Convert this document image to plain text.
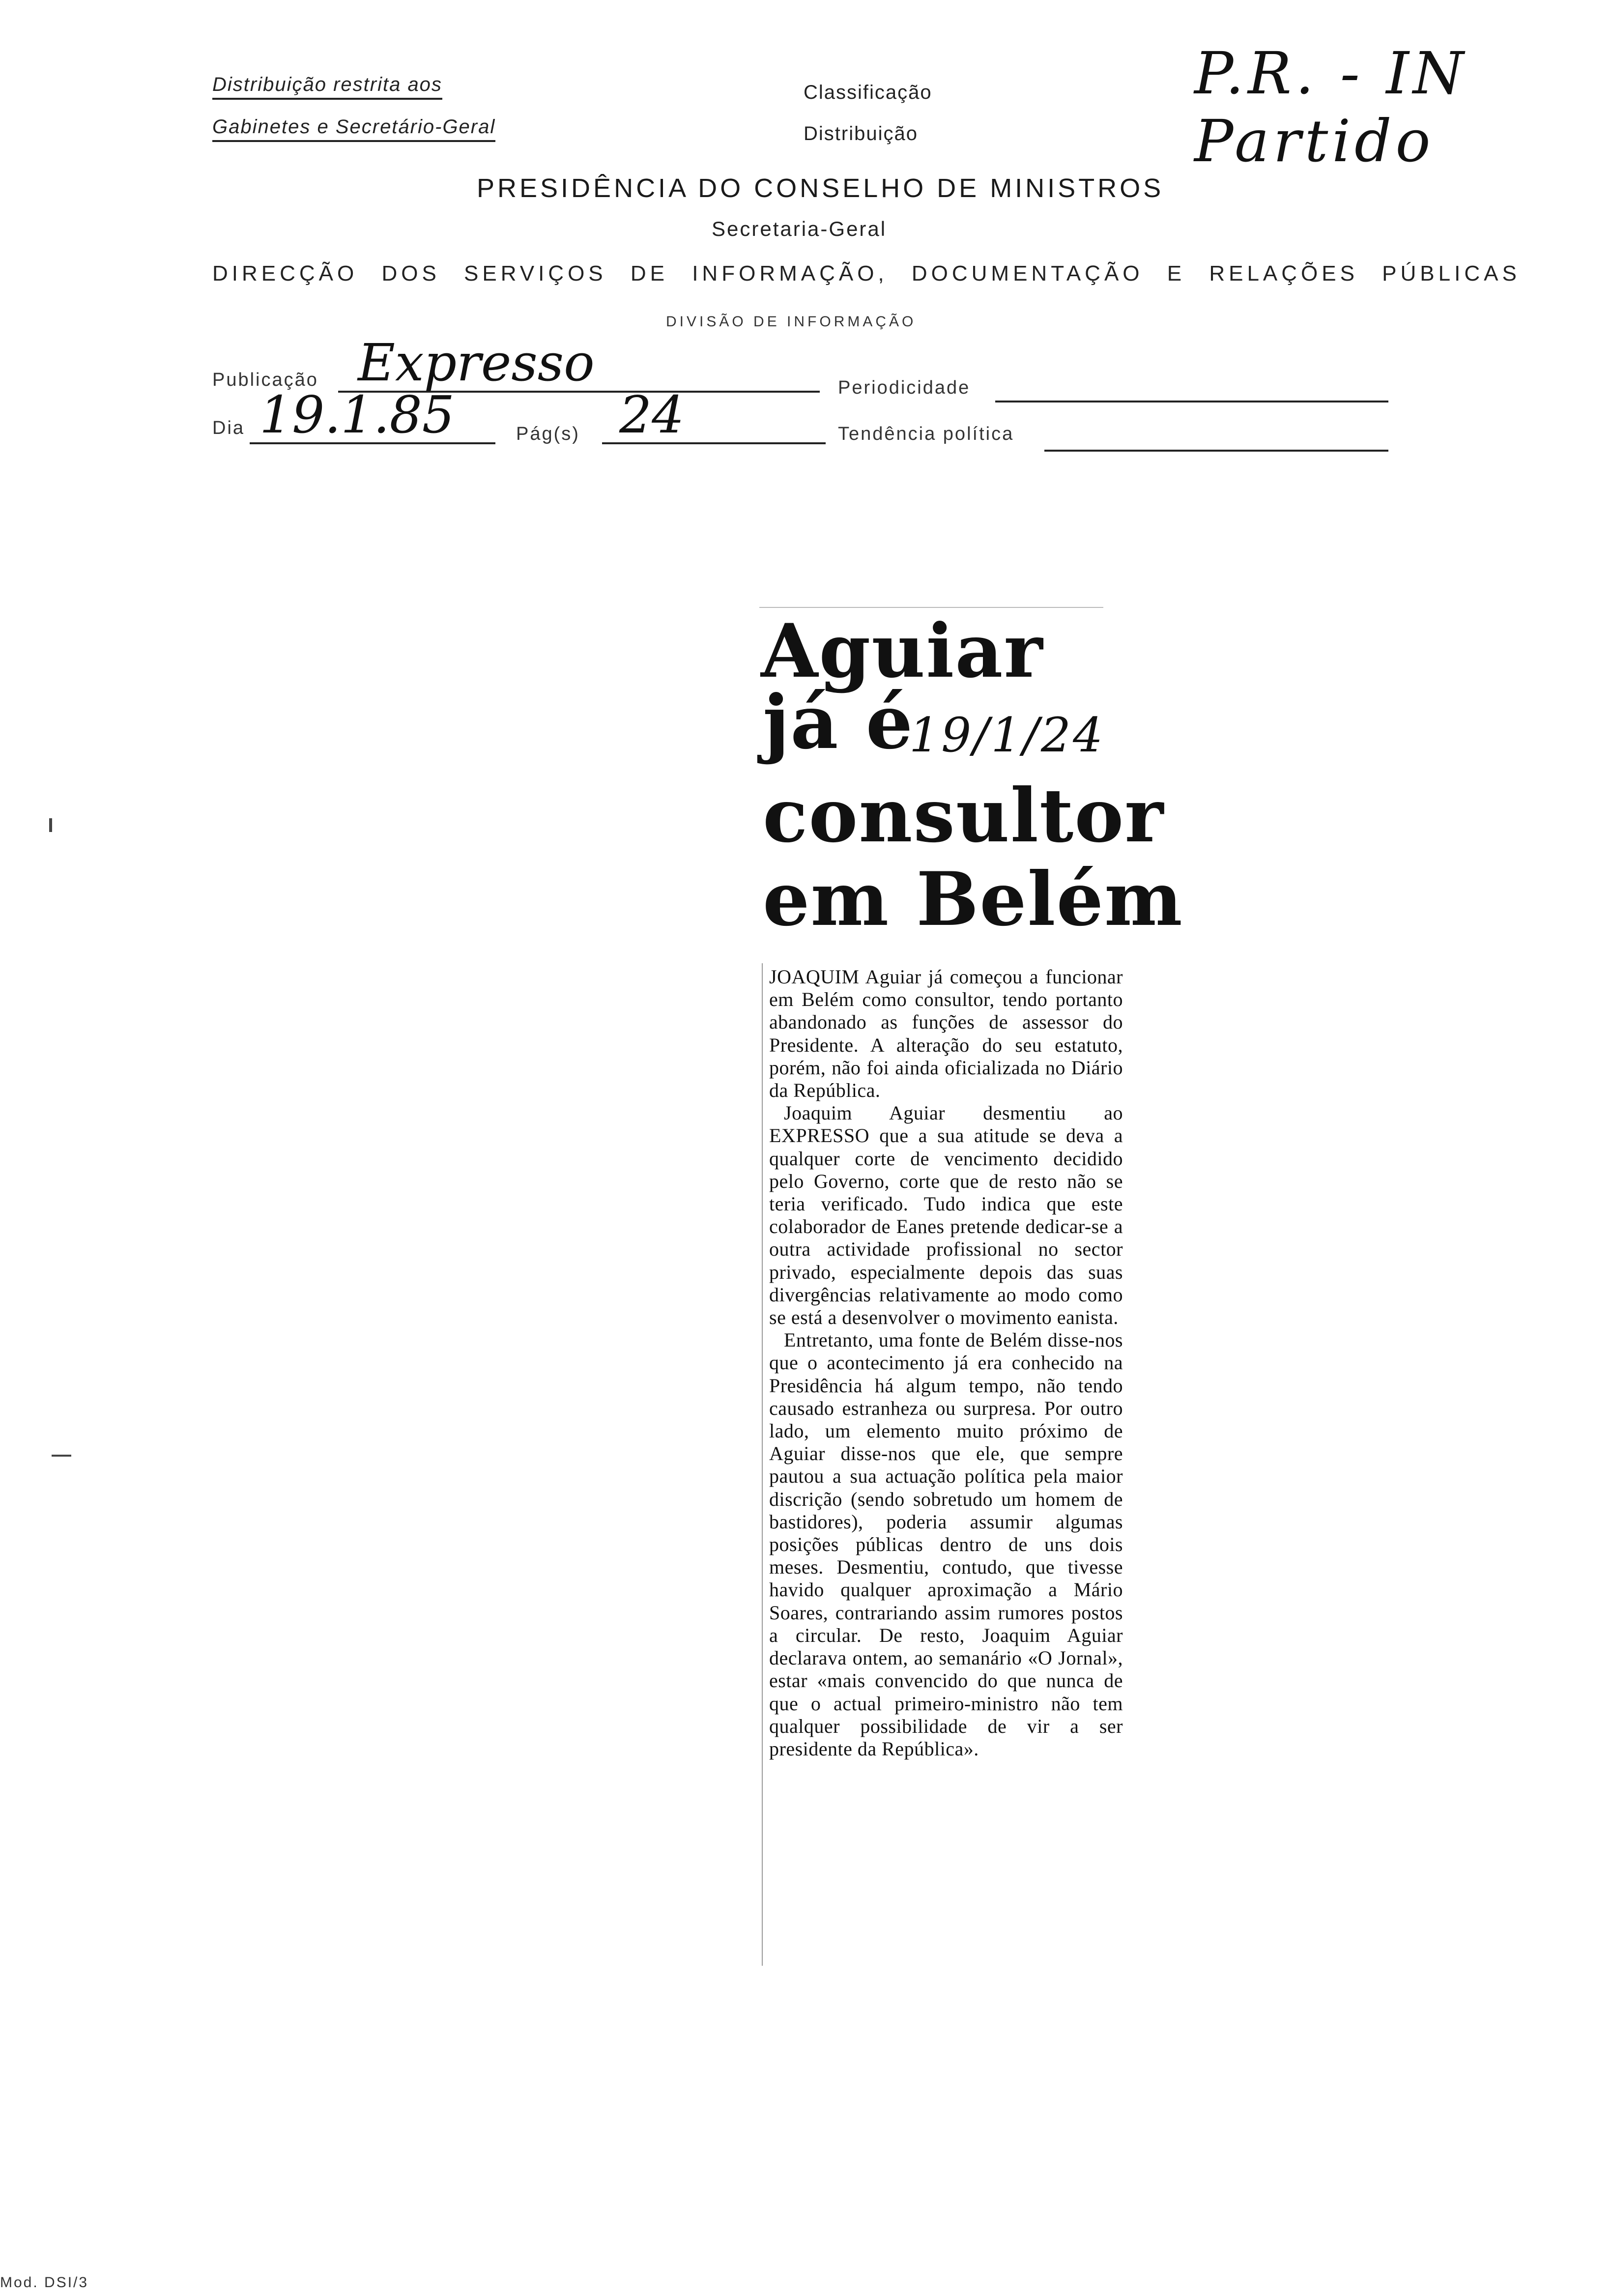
Distribuição restrita aos
Gabinetes e Secretário-Geral
Classificação
Distribuição
P.R. - IN Partido
PRESIDÊNCIA DO CONSELHO DE MINISTROS
Secretaria-Geral
DIRECÇÃO DOS SERVIÇOS DE INFORMAÇÃO, DOCUMENTAÇÃO E RELAÇÕES PÚBLICAS
DIVISÃO DE INFORMAÇÃO
Publicação Expresso	Periodicidade
Dia 19.1.85	Pág(s) 24	Tendência política
Aguiar
já é
19/1/24
consultor
em Belém

JOAQUIM Aguiar já começou a funcionar em Belém como consultor, tendo portanto abandonado as funções de assessor do Presidente. A alteração do seu estatuto, porém, não foi ainda oficializada no Diário da República.

Joaquim Aguiar desmentiu ao EXPRESSO que a sua atitude se deva a qualquer corte de vencimento decidido pelo Governo, corte que de resto não se teria verificado. Tudo indica que este colaborador de Eanes pretende dedicar-se a outra actividade profissional no sector privado, especialmente depois das suas divergências relativamente ao modo como se está a desenvolver o movimento eanista.

Entretanto, uma fonte de Belém disse-nos que o acontecimento já era conhecido na Presidência há algum tempo, não tendo causado estranheza ou surpresa. Por outro lado, um elemento muito próximo de Aguiar disse-nos que ele, que sempre pautou a sua actuação política pela maior discrição (sendo sobretudo um homem de bastidores), poderia assumir algumas posições públicas dentro de uns dois meses. Desmentiu, contudo, que tivesse havido qualquer aproximação a Mário Soares, contrariando assim rumores postos a circular. De resto, Joaquim Aguiar declarava ontem, ao semanário «O Jornal», estar «mais convencido do que nunca de que o actual primeiro-ministro não tem qualquer possibilidade de vir a ser presidente da República».

Mod. DSI/3
